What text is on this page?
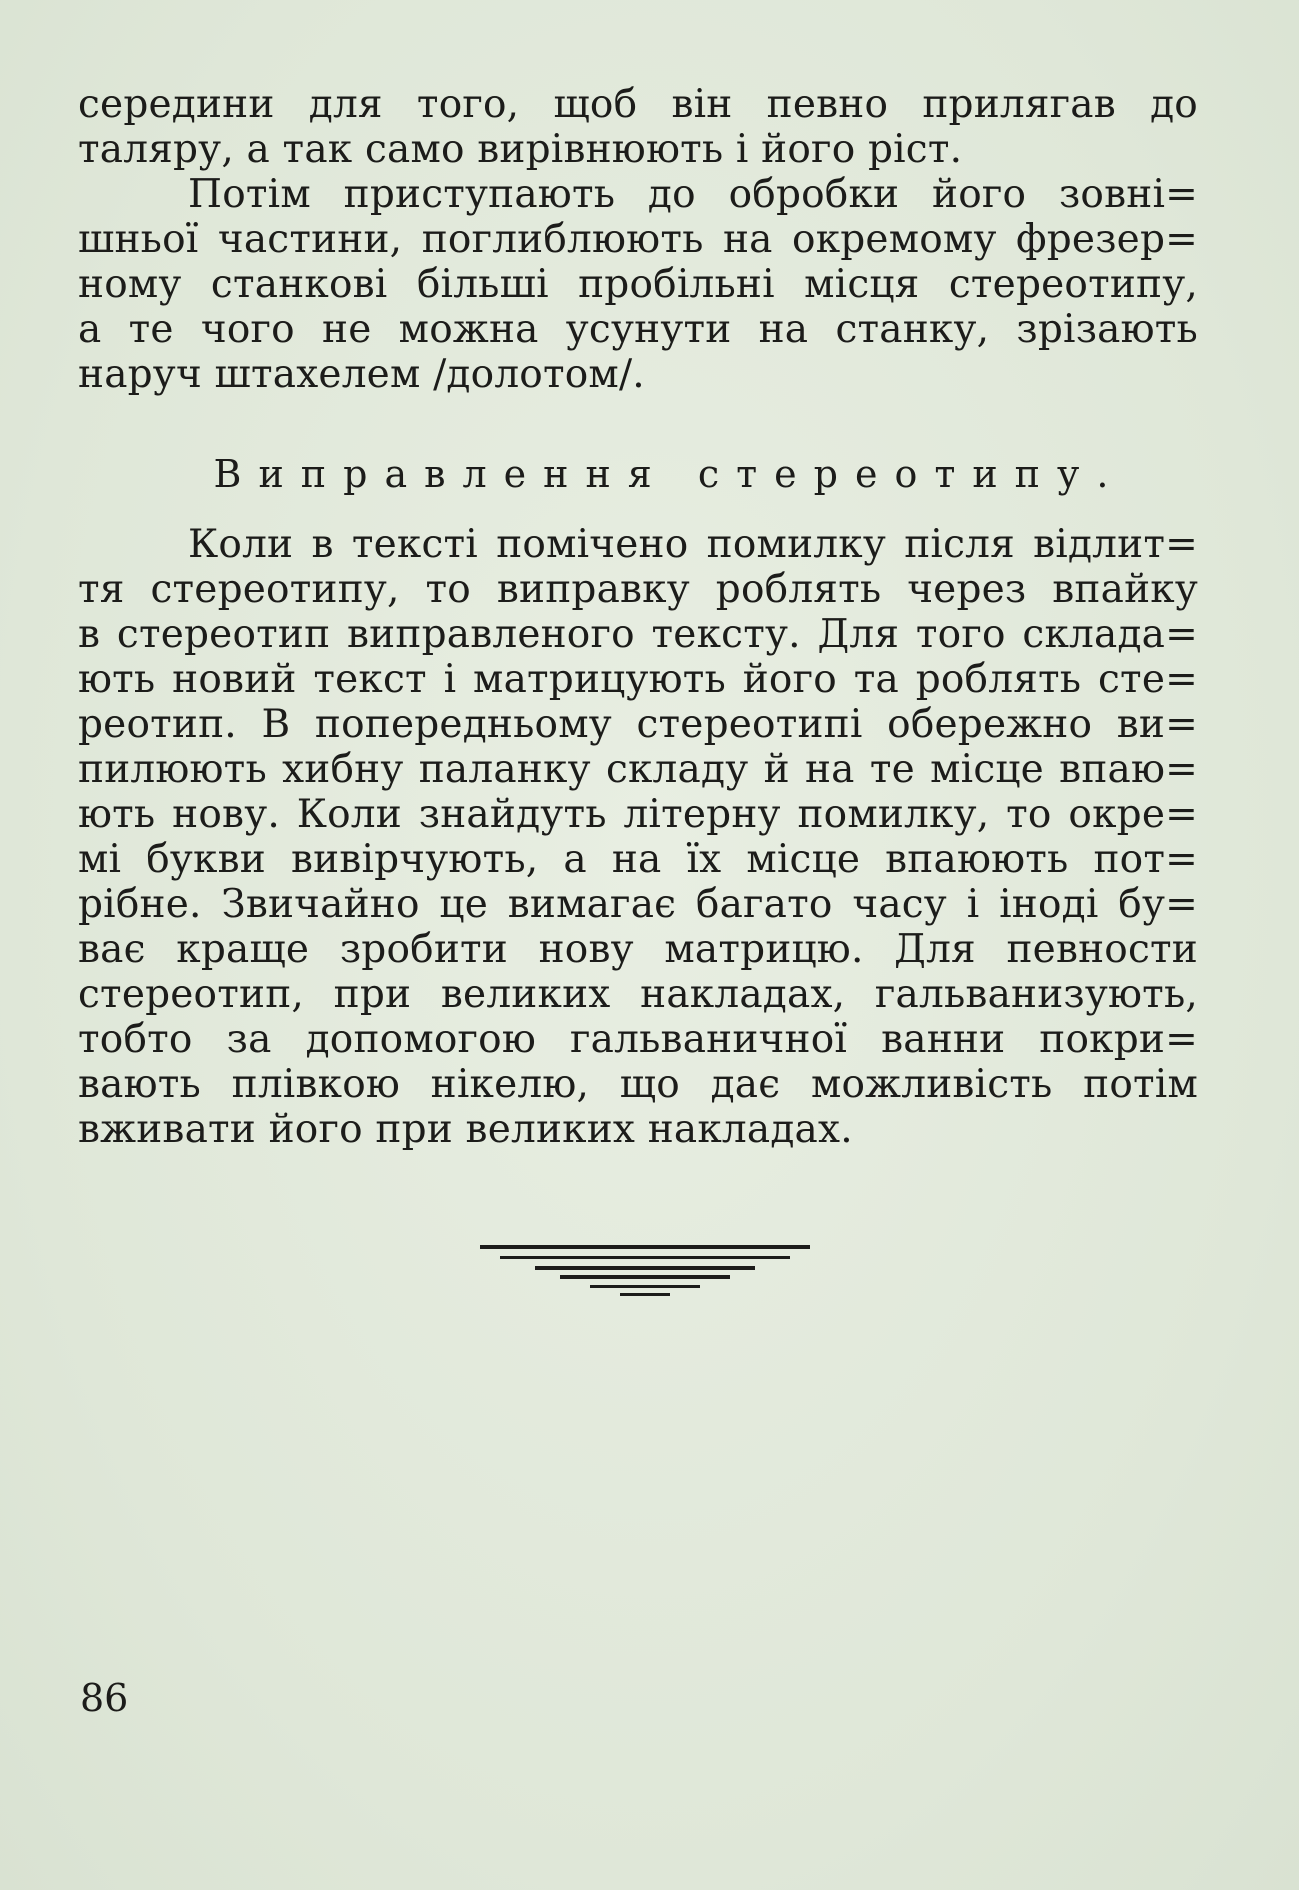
середини для того, щоб він певно прилягав до
таляру, а так само вирівнюють і його ріст.
Потім приступають до обробки його зовні=
шньої частини, поглиблюють на окремому фрезер=
ному станкові більші пробільні місця стереотипу,
а те чого не можна усунути на станку, зрізають
наруч штахелем /долотом/.
Виправлення стереотипу.
Коли в тексті помічено помилку після відлит=
тя стереотипу, то виправку роблять через впайку
в стереотип виправленого тексту. Для того склада=
ють новий текст і матрицують його та роблять сте=
реотип. В попередньому стереотипі обережно ви=
пилюють хибну паланку складу й на те місце впаю=
ють нову. Коли знайдуть літерну помилку, то окре=
мі букви вивірчують, а на їх місце впаюють пот=
рібне. Звичайно це вимагає багато часу і іноді бу=
ває краще зробити нову матрицю. Для певности
стереотип, при великих накладах, гальванизують,
тобто за допомогою гальваничної ванни покри=
вають плівкою нікелю, що дає можливість потім
вживати його при великих накладах.
86
